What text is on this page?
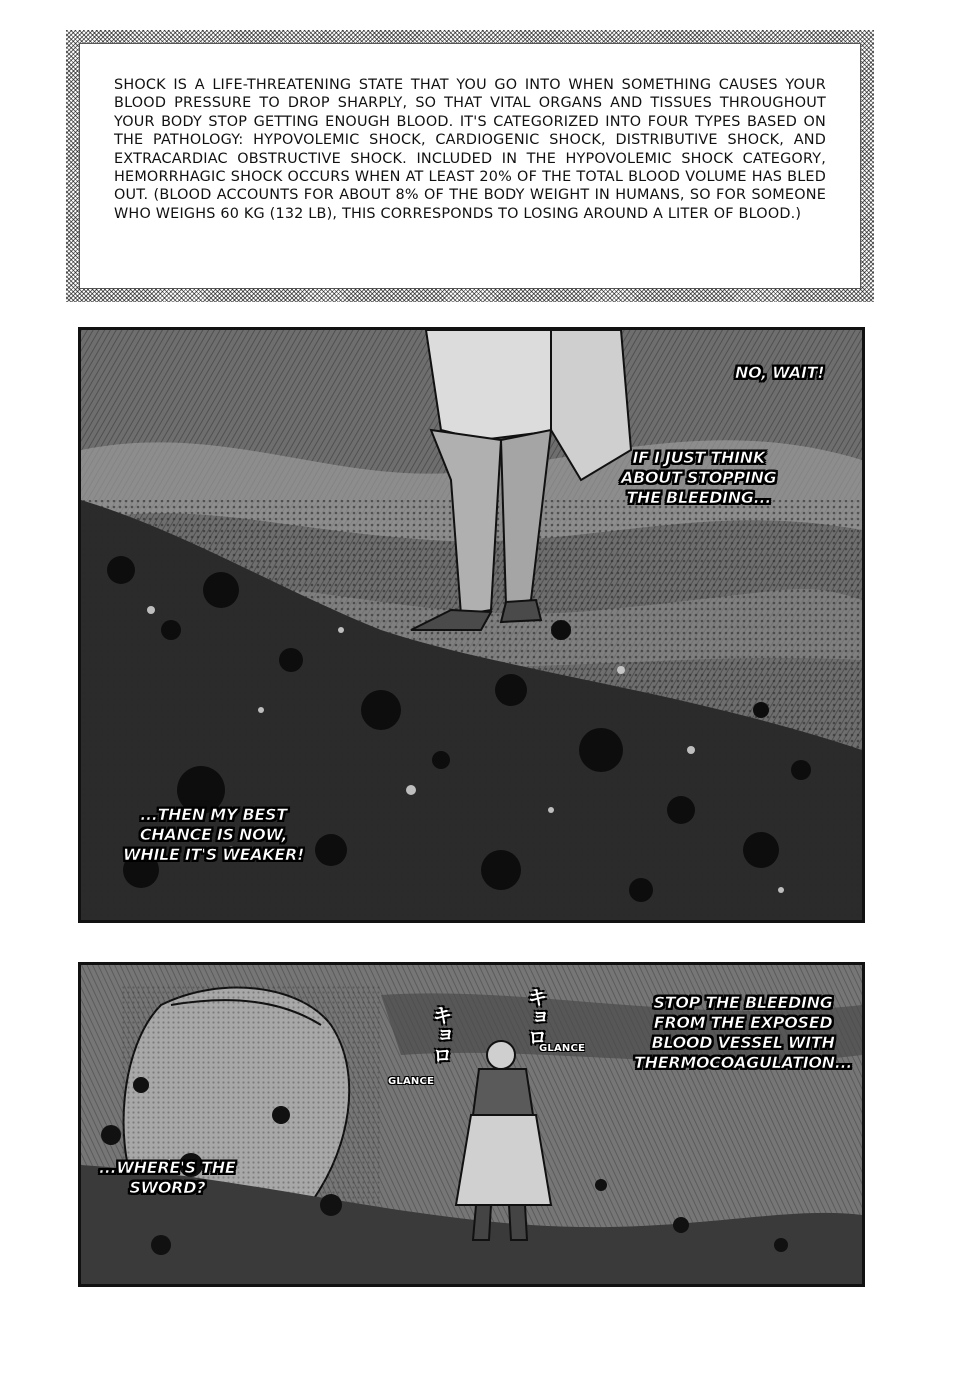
SHOCK IS A LIFE-THREATENING STATE THAT YOU GO INTO WHEN SOMETHING CAUSES YOUR BLOOD PRESSURE TO DROP SHARPLY, SO THAT VITAL ORGANS AND TISSUES THROUGHOUT YOUR BODY STOP GETTING ENOUGH BLOOD. IT'S CATEGORIZED INTO FOUR TYPES BASED ON THE PATHOLOGY: HYPOVOLEMIC SHOCK, CARDIOGENIC SHOCK, DISTRIBUTIVE SHOCK, AND EXTRACARDIAC OBSTRUCTIVE SHOCK. INCLUDED IN THE HYPOVOLEMIC SHOCK CATEGORY, HEMORRHAGIC SHOCK OCCURS WHEN AT LEAST 20% OF THE TOTAL BLOOD VOLUME HAS BLED OUT. (BLOOD ACCOUNTS FOR ABOUT 8% OF THE BODY WEIGHT IN HUMANS, SO FOR SOMEONE WHO WEIGHS 60 KG (132 LB), THIS CORRESPONDS TO LOSING AROUND A LITER OF BLOOD.)

NO, WAIT!
IF I JUST THINK
ABOUT STOPPING
THE BLEEDING...
...THEN MY BEST
CHANCE IS NOW,
WHILE IT'S WEAKER!
キョロ
GLANCE
キョロ
GLANCE
STOP THE BLEEDING
FROM THE EXPOSED
BLOOD VESSEL WITH
THERMOCOAGULATION...
...WHERE'S THE
SWORD?
